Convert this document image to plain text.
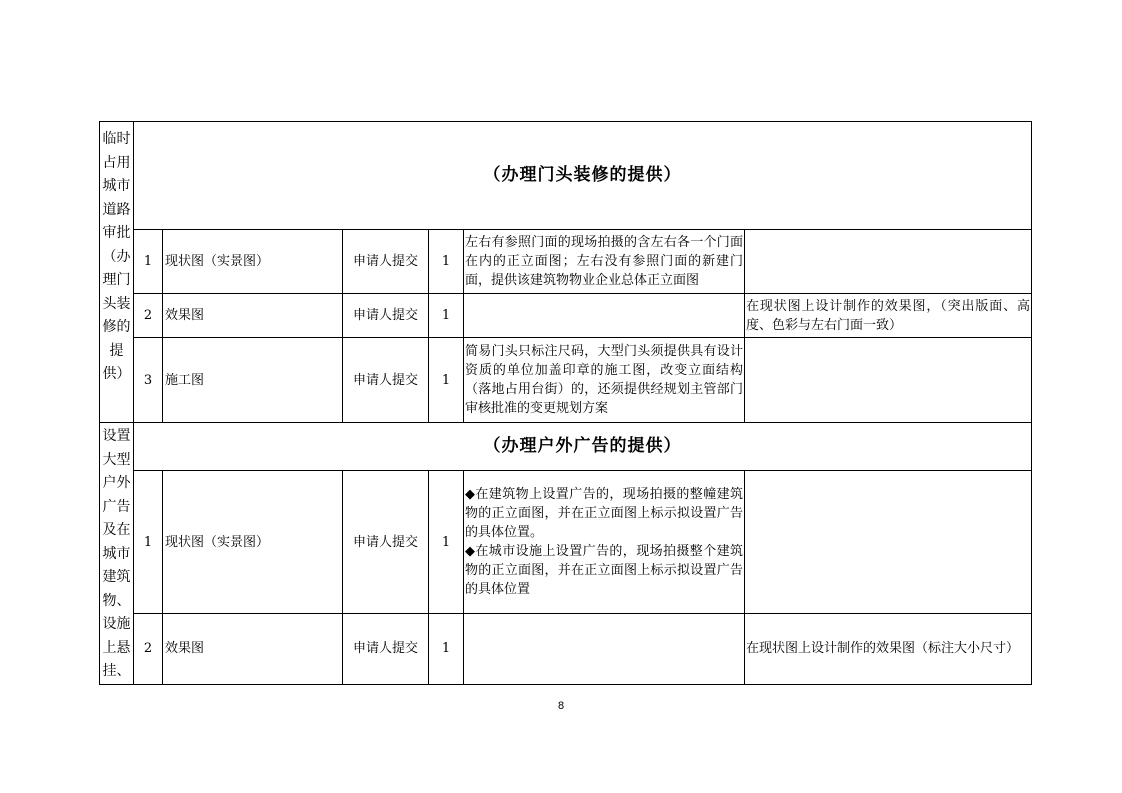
临时占用城市道路审批（办理门头装修的提供）	（办理门头装修的提供）					
	1	现状图（实景图）	申请人提交	1	左右有参照门面的现场拍摄的含左右各一个门面在内的正立面图；左右没有参照门面的新建门面，提供该建筑物物业企业总体正立面图	

	2	效果图	申请人提交	1		在现状图上设计制作的效果图，（突出版面、高度、色彩与左右门面一致）
	3	施工图	申请人提交	1	简易门头只标注尺码，大型门头须提供具有设计资质的单位加盖印章的施工图，改变立面结构（落地占用台街）的，还须提供经规划主管部门审核批准的变更规划方案	

设置大型户外广告及在城市建筑物、设施上悬挂、	（办理户外广告的提供）					
	1	现状图（实景图）	申请人提交	1	◆在建筑物上设置广告的，现场拍摄的整幢建筑物的正立面图，并在正立面图上标示拟设置广告的具体位置。
◆在城市设施上设置广告的，现场拍摄整个建筑物的正立面图，并在正立面图上标示拟设置广告的具体位置	

	2	效果图	申请人提交	1		在现状图上设计制作的效果图（标注大小尺寸）
8
